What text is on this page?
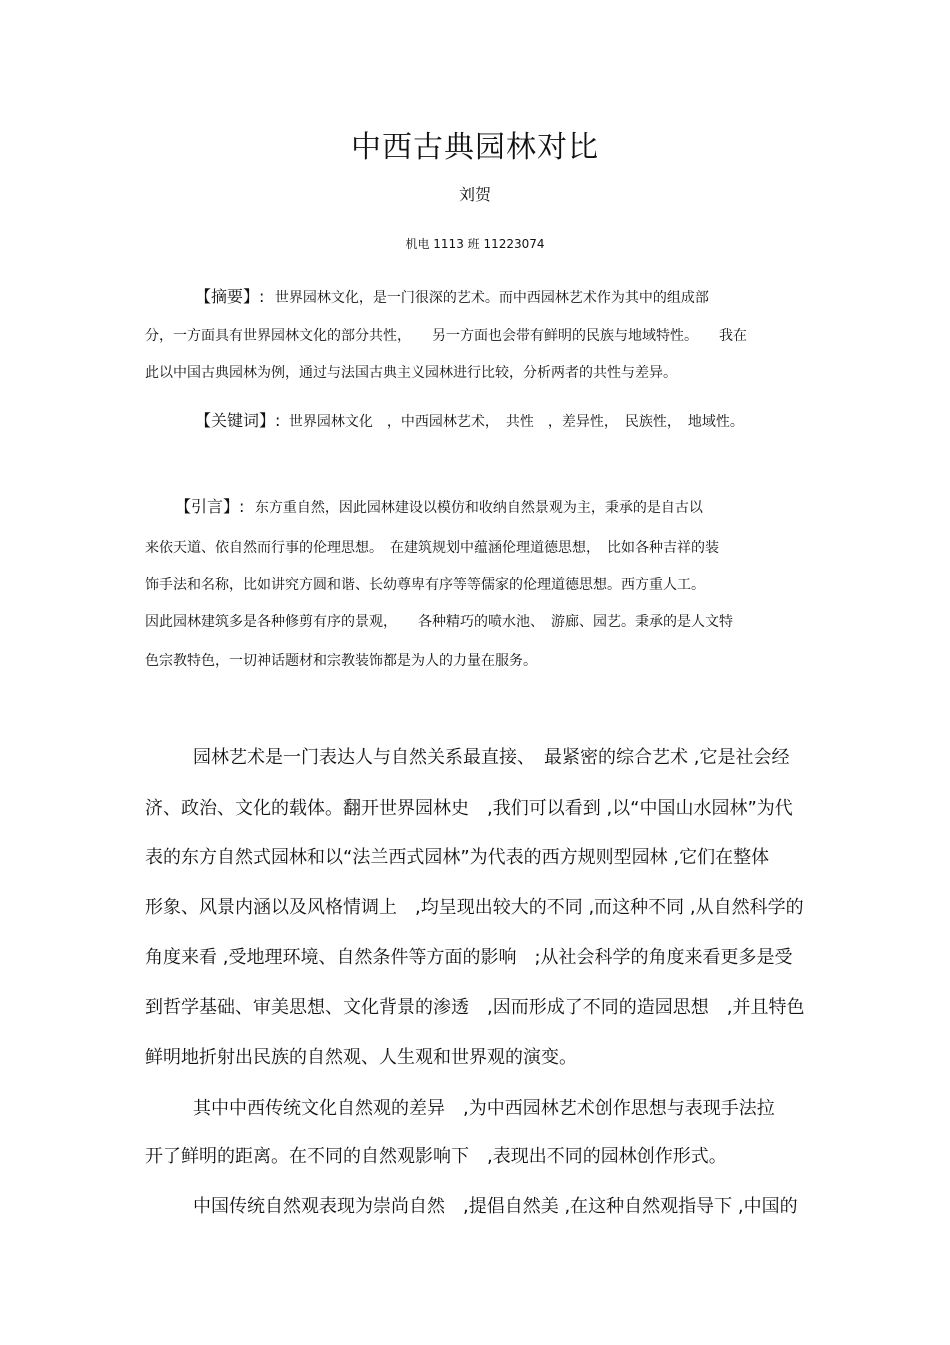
中西古典园林对比
刘贺
机电 1113 班 11223074
【摘要】: 世界园林文化，是一门很深的艺术。而中西园林艺术作为其中的组成部
分，一方面具有世界园林文化的部分共性，　　另一方面也会带有鲜明的民族与地域特性。　　我在
此以中国古典园林为例，通过与法国古典主义园林进行比较，分析两者的共性与差异。
【关键词】: 世界园林文化　，中西园林艺术，　共性　，差异性，　民族性，　地域性。
【引言】: 东方重自然，因此园林建设以模仿和收纳自然景观为主，秉承的是自古以
来依天道、依自然而行事的伦理思想。　在建筑规划中蕴涵伦理道德思想，　比如各种吉祥的装
饰手法和名称，比如讲究方圆和谐、长幼尊卑有序等等儒家的伦理道德思想。西方重人工。
因此园林建筑多是各种修剪有序的景观，　　各种精巧的喷水池、　游廊、园艺。秉承的是人文特
色宗教特色，一切神话题材和宗教装饰都是为人的力量在服务。
园林艺术是一门表达人与自然关系最直接、　最紧密的综合艺术 ,它是社会经
济、政治、文化的载体。翻开世界园林史　,我们可以看到 ,以“中国山水园林”为代
表的东方自然式园林和以“法兰西式园林”为代表的西方规则型园林 ,它们在整体
形象、风景内涵以及风格情调上　,均呈现出较大的不同 ,而这种不同 ,从自然科学的
角度来看 ,受地理环境、自然条件等方面的影响　;从社会科学的角度来看更多是受
到哲学基础、审美思想、文化背景的渗透　,因而形成了不同的造园思想　,并且特色
鲜明地折射出民族的自然观、人生观和世界观的演变。
其中中西传统文化自然观的差异　,为中西园林艺术创作思想与表现手法拉
开了鲜明的距离。在不同的自然观影响下　,表现出不同的园林创作形式。
中国传统自然观表现为崇尚自然　,提倡自然美 ,在这种自然观指导下 ,中国的
